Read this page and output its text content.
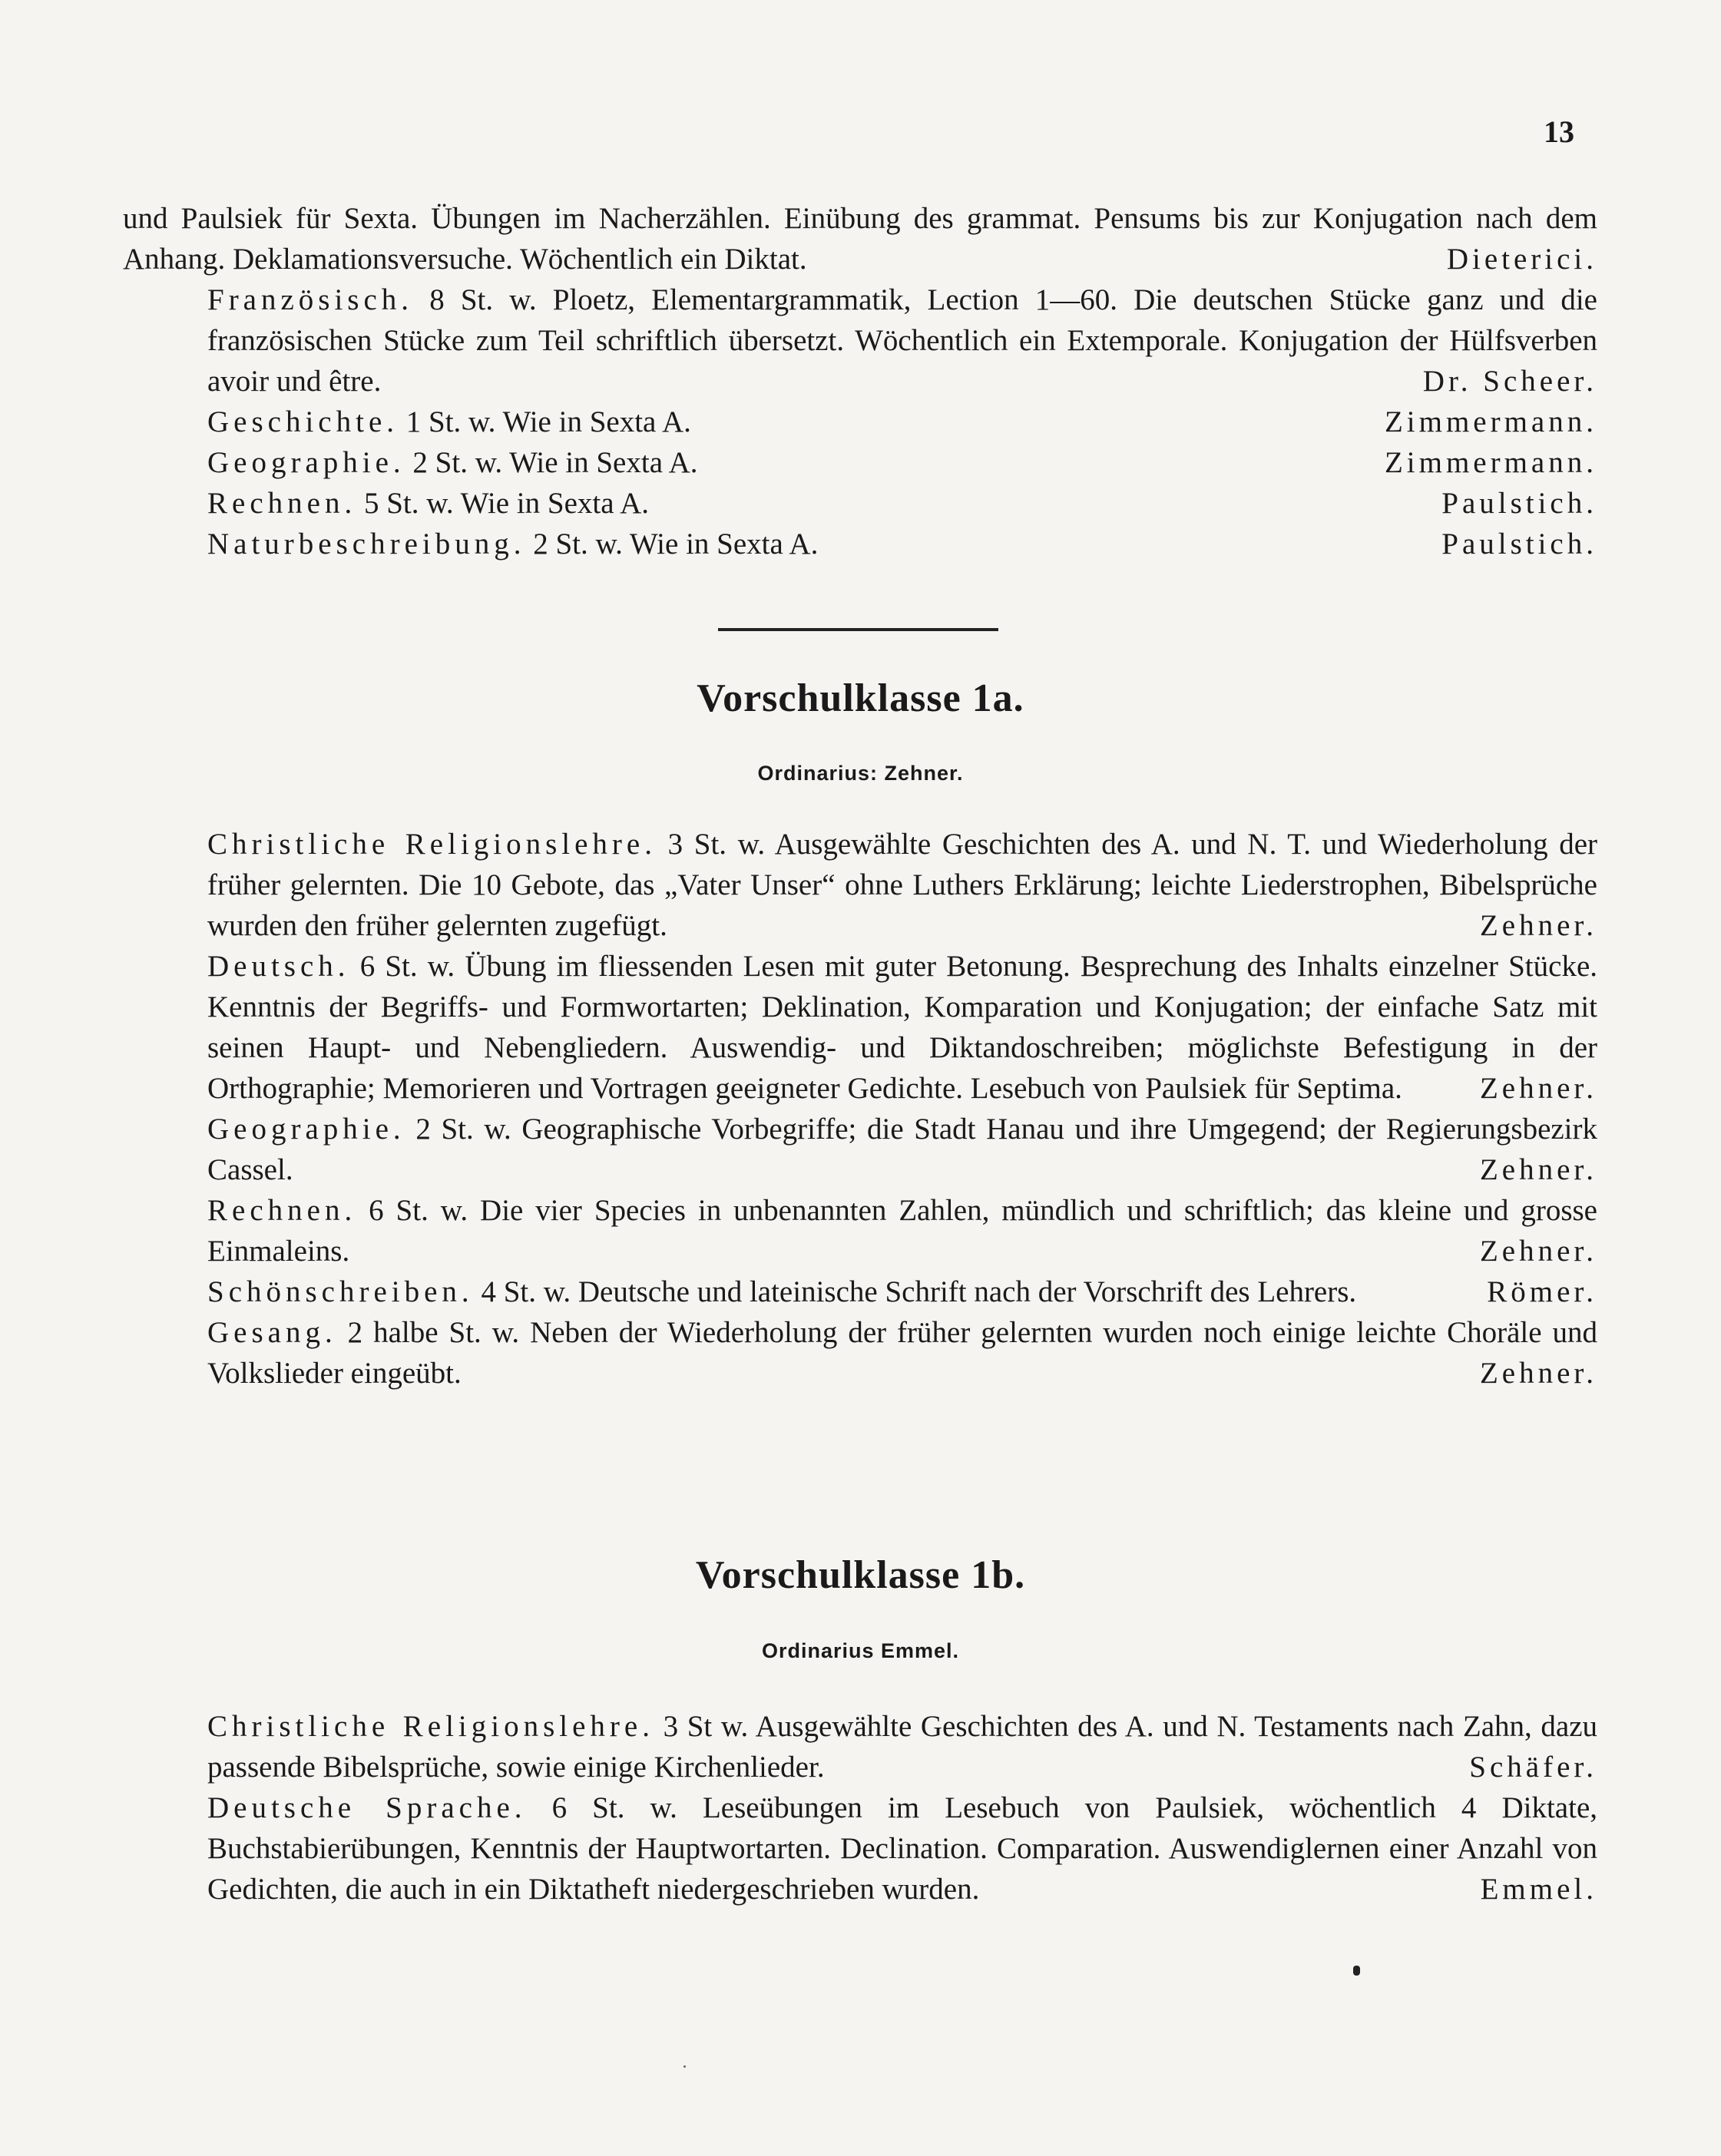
13

und Paulsiek für Sexta. Übungen im Nacherzählen. Einübung des grammat. Pensums bis zur Konjugation nach dem Anhang. Deklamationsversuche. Wöchentlich ein Diktat.	Dieterici.

Französisch. 8 St. w. Ploetz, Elementargrammatik, Lection 1—60. Die deutschen Stücke ganz und die französischen Stücke zum Teil schriftlich übersetzt. Wöchentlich ein Extemporale. Konjugation der Hülfsverben avoir und être.	Dr. Scheer.

Geschichte. 1 St. w. Wie in Sexta A.	Zimmermann.
Geographie. 2 St. w. Wie in Sexta A.	Zimmermann.
Rechnen. 5 St. w. Wie in Sexta A.	Paulstich.
Naturbeschreibung. 2 St. w. Wie in Sexta A.	Paulstich.
Vorschulklasse 1a.
Ordinarius: Zehner.

Christliche Religionslehre. 3 St. w. Ausgewählte Geschichten des A. und N. T. und Wiederholung der früher gelernten. Die 10 Gebote, das „Vater Unser“ ohne Luthers Erklärung; leichte Liederstrophen, Bibelsprüche wurden den früher gelernten zugefügt.	Zehner.

Deutsch. 6 St. w. Übung im fliessenden Lesen mit guter Betonung. Besprechung des Inhalts einzelner Stücke. Kenntnis der Begriffs- und Formwortarten; Deklination, Komparation und Konjugation; der einfache Satz mit seinen Haupt- und Nebengliedern. Auswendig- und Diktandoschreiben; möglichste Befestigung in der Orthographie; Memorieren und Vortragen geeigneter Gedichte. Lesebuch von Paulsiek für Septima.	Zehner.

Geographie. 2 St. w. Geographische Vorbegriffe; die Stadt Hanau und ihre Umgegend; der Regierungsbezirk Cassel.	Zehner.

Rechnen. 6 St. w. Die vier Species in unbenannten Zahlen, mündlich und schriftlich; das kleine und grosse Einmaleins.	Zehner.

Schönschreiben. 4 St. w. Deutsche und lateinische Schrift nach der Vorschrift des Lehrers.	Römer.

Gesang. 2 halbe St. w. Neben der Wiederholung der früher gelernten wurden noch einige leichte Choräle und Volkslieder eingeübt.	Zehner.

Vorschulklasse 1b.
Ordinarius Emmel.

Christliche Religionslehre. 3 St w. Ausgewählte Geschichten des A. und N. Testaments nach Zahn, dazu passende Bibelsprüche, sowie einige Kirchenlieder.	Schäfer.

Deutsche Sprache. 6 St. w. Leseübungen im Lesebuch von Paulsiek, wöchentlich 4 Diktate, Buchstabierübungen, Kenntnis der Hauptwortarten. Declination. Comparation. Auswendiglernen einer Anzahl von Gedichten, die auch in ein Diktatheft niedergeschrieben wurden.	Emmel.
